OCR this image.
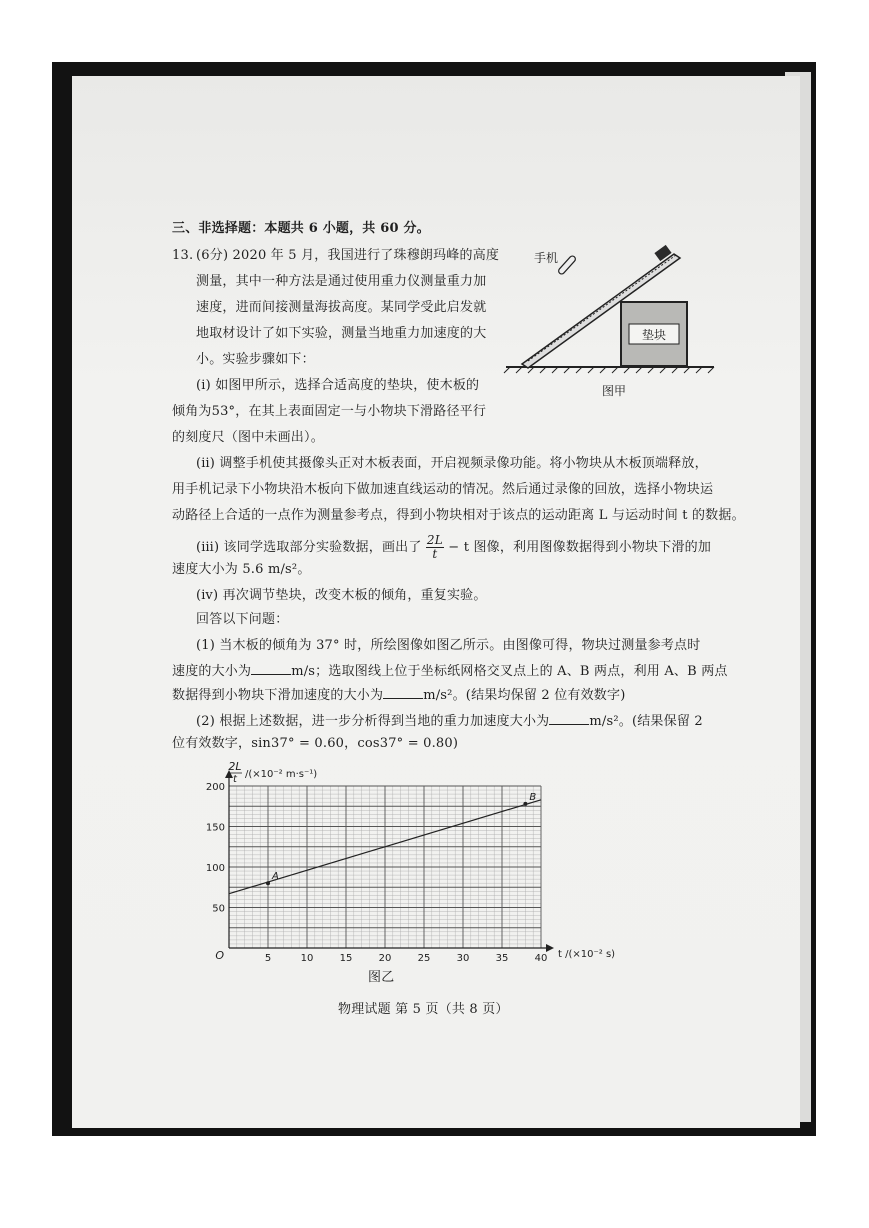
三、非选择题：本题共 6 小题，共 60 分。
13. (6分) 2020 年 5 月，我国进行了珠穆朗玛峰的高度
测量，其中一种方法是通过使用重力仪测量重力加
速度，进而间接测量海拔高度。某同学受此启发就
地取材设计了如下实验，测量当地重力加速度的大
小。实验步骤如下：
(ⅰ) 如图甲所示，选择合适高度的垫块，使木板的
倾角为53°，在其上表面固定一与小物块下滑路径平行
的刻度尺（图中未画出）。
垫块
手机
图甲
(ⅱ) 调整手机使其摄像头正对木板表面，开启视频录像功能。将小物块从木板顶端释放，
用手机记录下小物块沿木板向下做加速直线运动的情况。然后通过录像的回放，选择小物块运
动路径上合适的一点作为测量参考点，得到小物块相对于该点的运动距离 L 与运动时间 t 的数据。
(ⅲ) 该同学选取部分实验数据，画出了 $\frac{2L}{t} - t$ 图像，利用图像数据得到小物块下滑的加
速度大小为 5.6 m/s²。
(ⅳ) 再次调节垫块，改变木板的倾角，重复实验。
回答以下问题：
(1) 当木板的倾角为 37° 时，所绘图像如图乙所示。由图像可得，物块过测量参考点时
速度的大小为	m/s；选取图线上位于坐标纸网格交叉点上的 A、B 两点，利用 A、B 两点
数据得到小物块下滑加速度的大小为	m/s²。(结果均保留 2 位有效数字)
(2) 根据上述数据，进一步分析得到当地的重力加速度大小为	m/s²。(结果保留 2
位有效数字，sin37° = 0.60，cos37° = 0.80)
5	10	15	20	25	30	35	40
50
100
150
200
A
B
2L
t /(×10⁻² m·s⁻¹)
t /(×10⁻² s)
O
图乙
物理试题 第 5 页（共 8 页）
